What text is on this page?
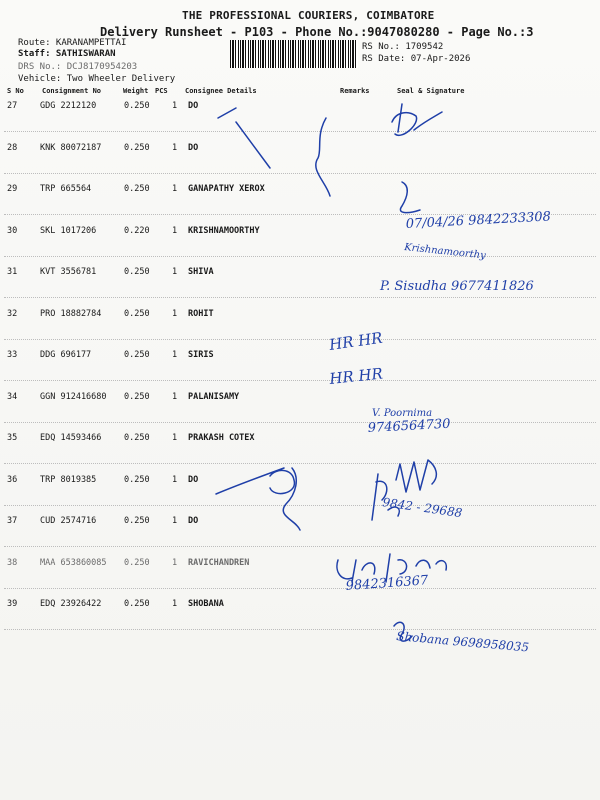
THE PROFESSIONAL COURIERS, COIMBATORE
Delivery Runsheet - P103 - Phone No.:9047080280 - Page No.:3
Route: KARANAMPETTAI
Staff: SATHISWARAN
DRS No.: DCJ8170954203
Vehicle: Two Wheeler Delivery
RS No.: 1709542
RS Date: 07-Apr-2026
S No	Consignment No	Weight PCS Consignee Details	Remarks	Seal & Signature
27	GDG 2212120	0.250	1 DO
28	KNK 80072187	0.250	1 DO
29	TRP 665564	0.250	1 GANAPATHY XEROX
30	SKL 1017206	0.220	1 KRISHNAMOORTHY
31	KVT 3556781	0.250	1 SHIVA
32	PRO 18882784	0.250	1 ROHIT
33	DDG 696177	0.250	1 SIRIS
34	GGN 912416680 0.250	1 PALANISAMY
35	EDQ 14593466	0.250	1 PRAKASH COTEX
36	TRP 8019385	0.250	1 DO
37	CUD 2574716	0.250	1 DO
38	MAA 653860085 0.250	1 RAVICHANDREN
39	EDQ 23926422	0.250	1 SHOBANA
07/04/26 9842233308
Krishnamoorthy
P. Sisudha 9677411826
HR HR
HR HR
V. Poornima
9746564730
9842 - 29688
9842316367
Shobana 9698958035
